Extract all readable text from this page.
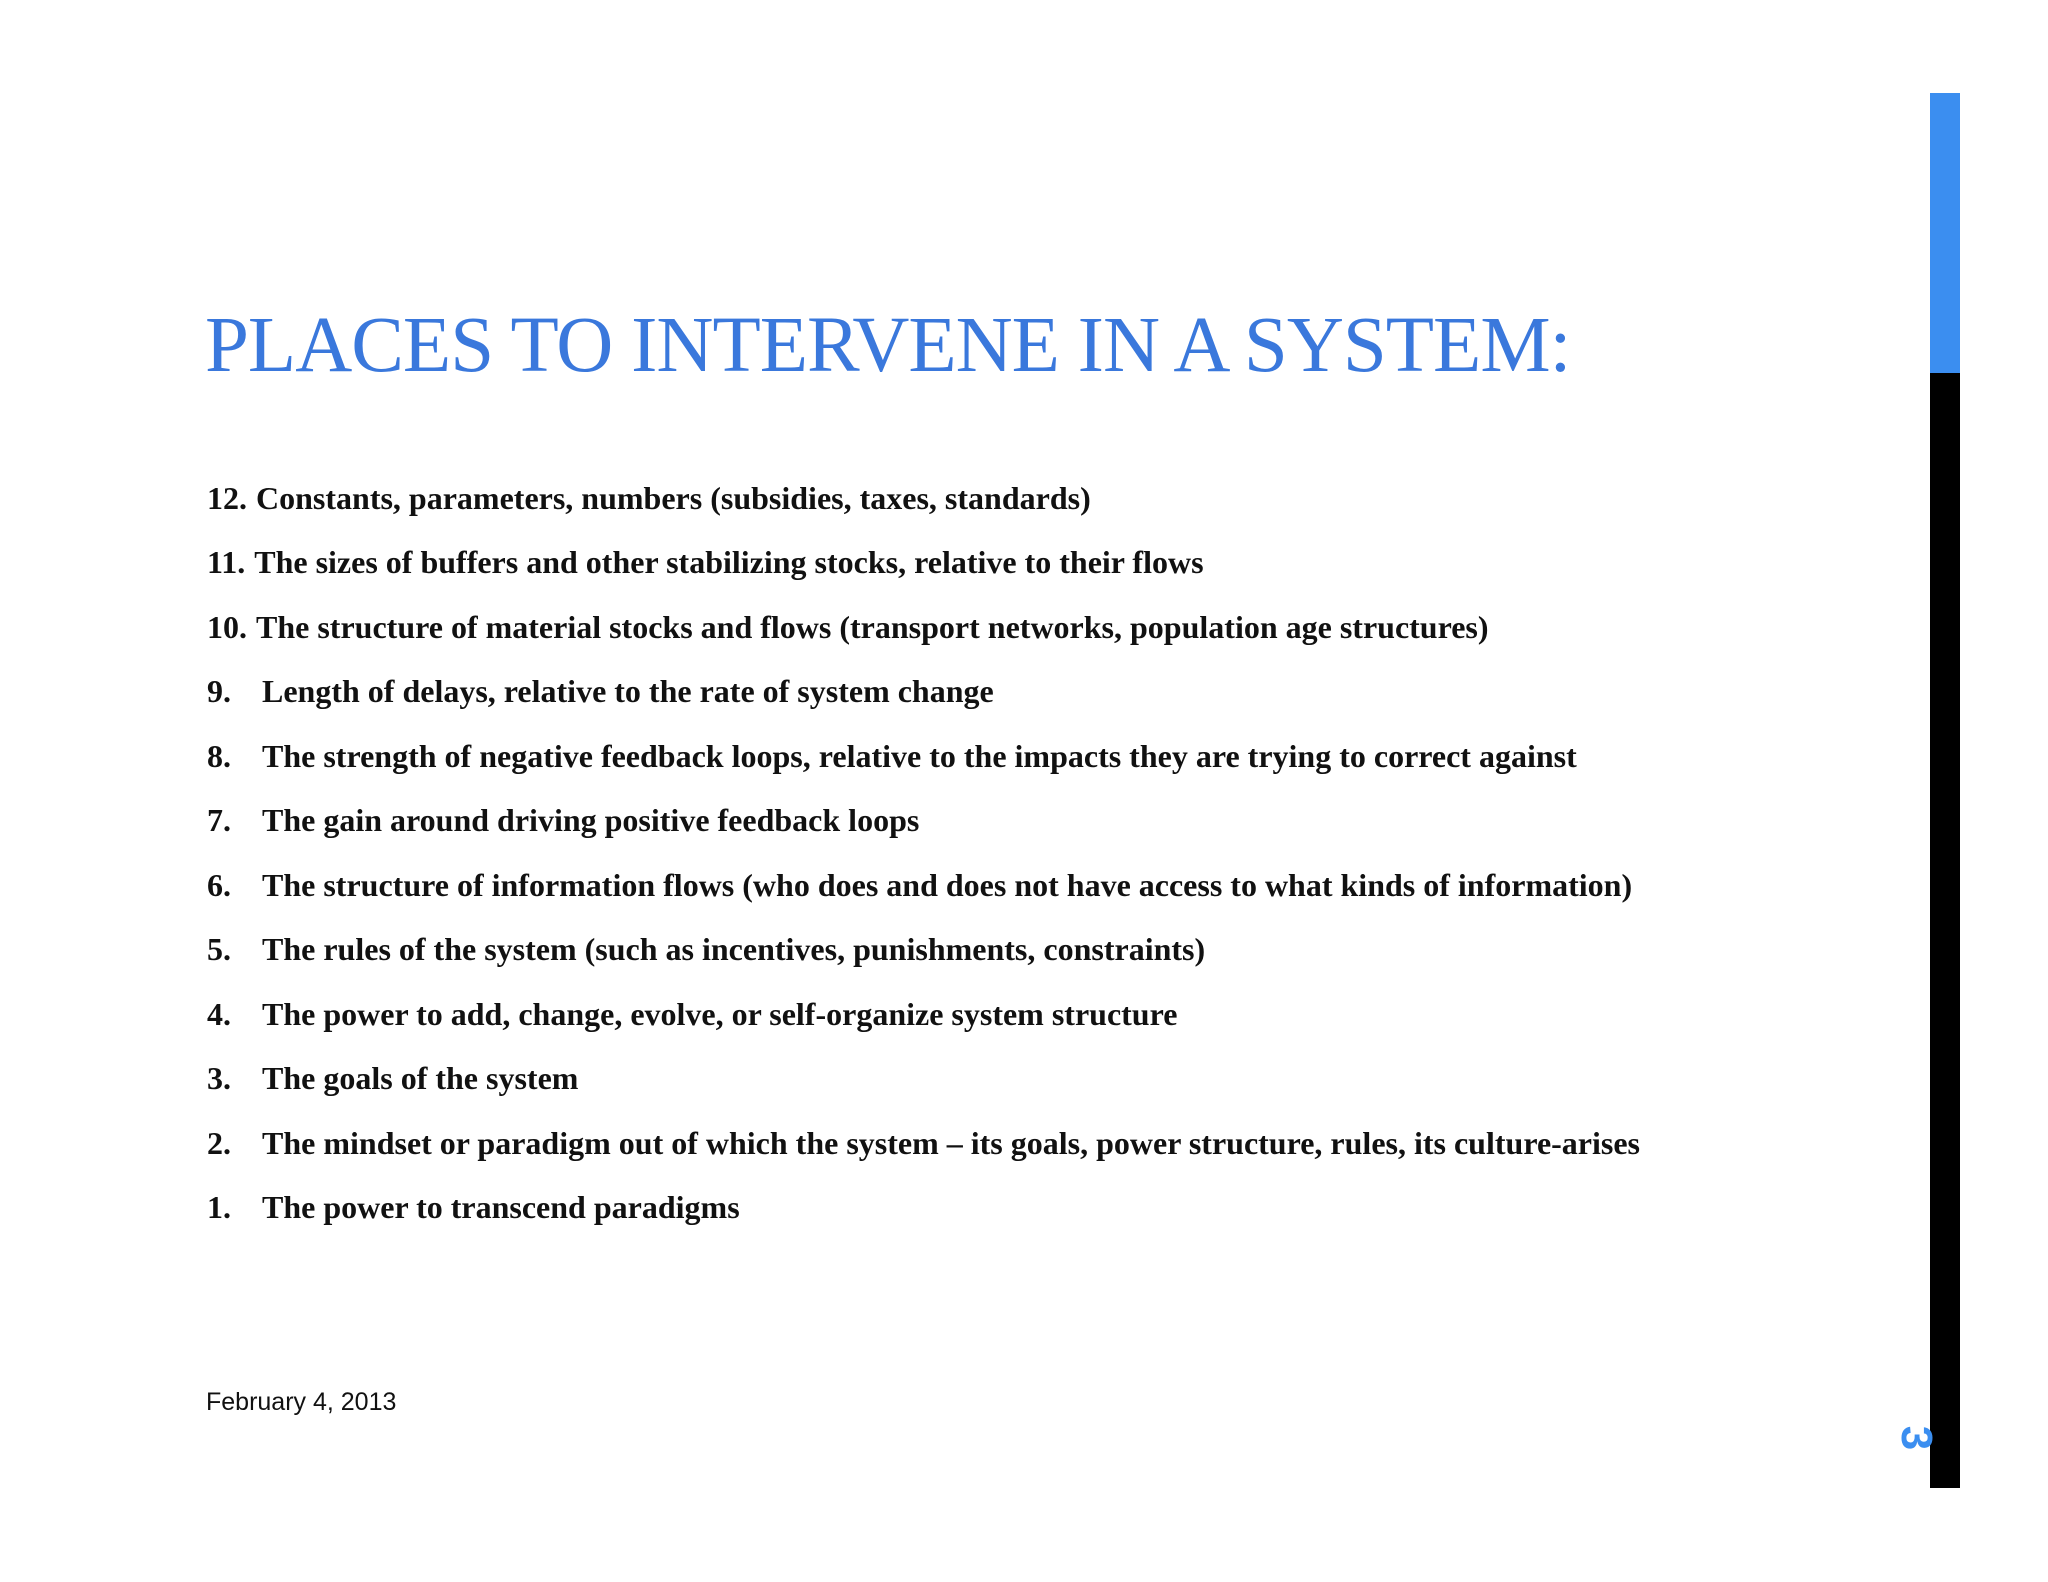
PLACES TO INTERVENE IN A SYSTEM:
12. Constants, parameters, numbers (subsidies, taxes, standards)
11. The sizes of buffers and other stabilizing stocks, relative to their flows
10. The structure of material stocks and flows (transport networks, population age structures)
9. Length of delays, relative to the rate of system change
8. The strength of negative feedback loops, relative to the impacts they are trying to correct against
7. The gain around driving positive feedback loops
6. The structure of information flows (who does and does not have access to what kinds of information)
5. The rules of the system (such as incentives, punishments, constraints)
4. The power to add, change, evolve, or self-organize system structure
3. The goals of the system
2. The mindset or paradigm out of which the system – its goals, power structure, rules, its culture-arises
1. The power to transcend paradigms
February 4, 2013
3
